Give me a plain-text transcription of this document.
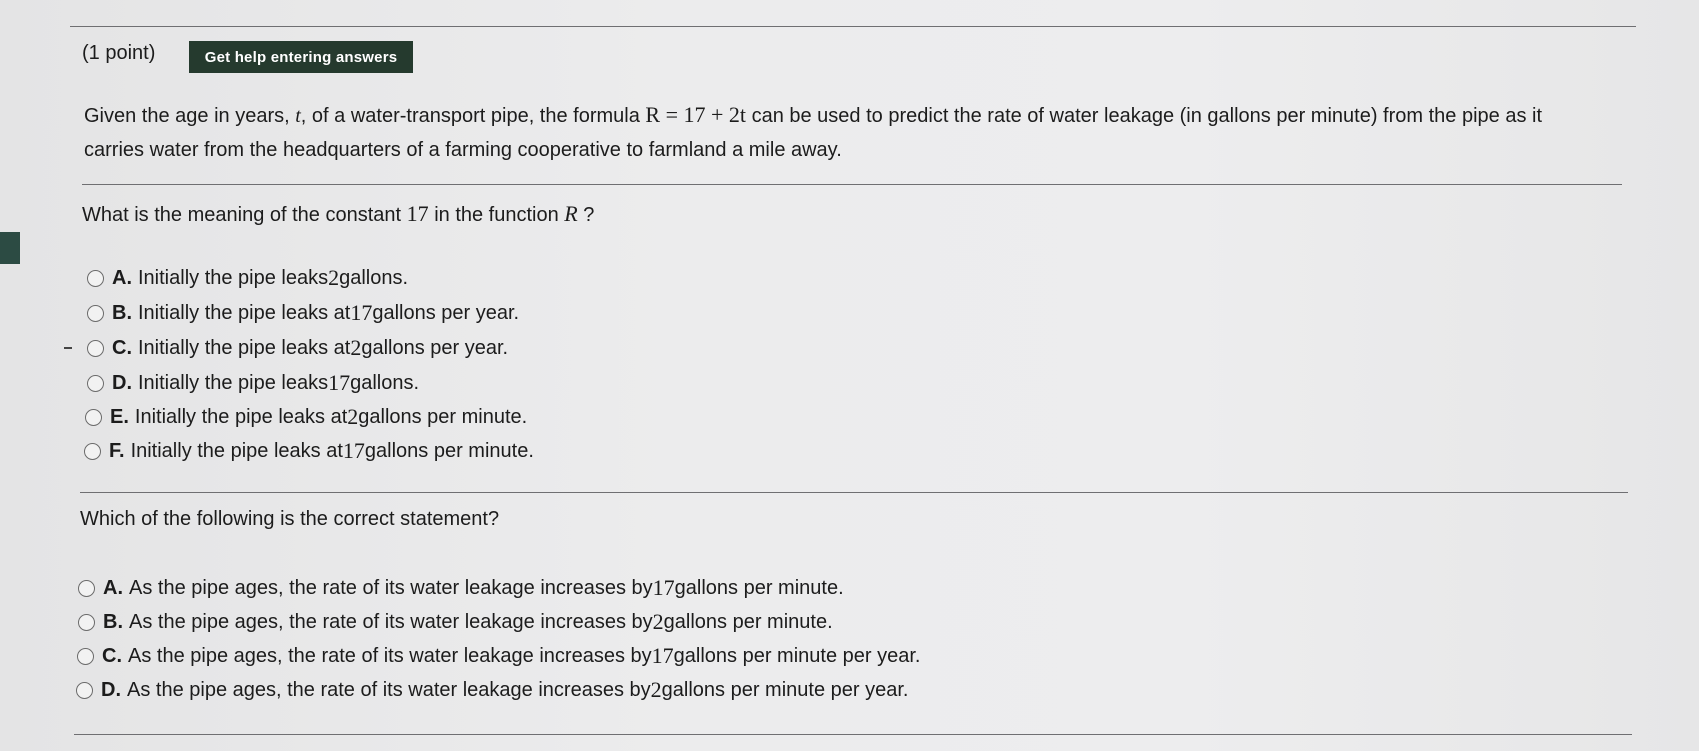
(1 point)	Get help entering answers
Given the age in years, t, of a water-transport pipe, the formula R = 17 + 2t can be used to predict the rate of water leakage (in gallons per minute) from the pipe as it carries water from the headquarters of a farming cooperative to farmland a mile away.
What is the meaning of the constant 17 in the function R ?
A. Initially the pipe leaks 2 gallons.
B. Initially the pipe leaks at 17 gallons per year.
C. Initially the pipe leaks at 2 gallons per year.
D. Initially the pipe leaks 17 gallons.
E. Initially the pipe leaks at 2 gallons per minute.
F. Initially the pipe leaks at 17 gallons per minute.
Which of the following is the correct statement?
A. As the pipe ages, the rate of its water leakage increases by 17 gallons per minute.
B. As the pipe ages, the rate of its water leakage increases by 2 gallons per minute.
C. As the pipe ages, the rate of its water leakage increases by 17 gallons per minute per year.
D. As the pipe ages, the rate of its water leakage increases by 2 gallons per minute per year.
